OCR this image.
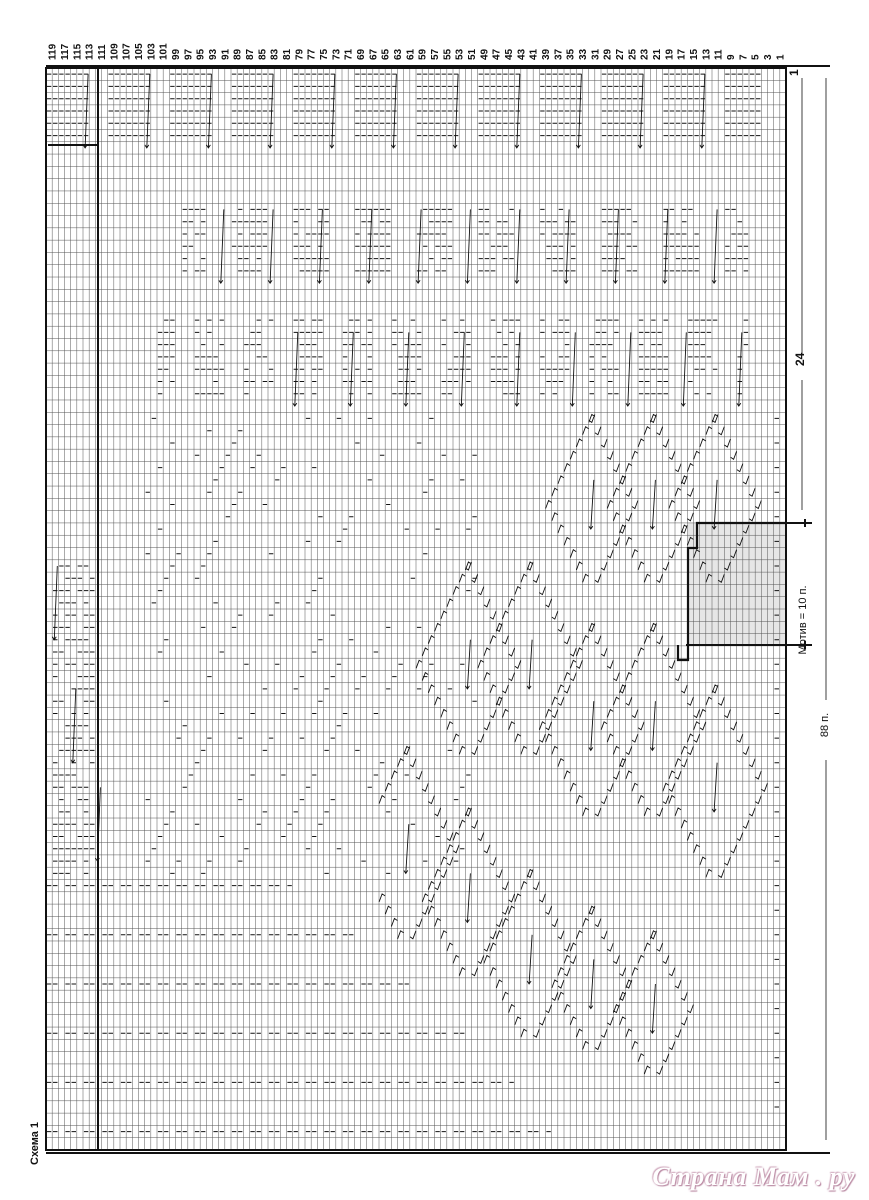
119 117 115 113 111 109 107 105 103 101 99 97 95 93 91 89 87 85 83 81 79 77 75 73 71 69 67 65 63 61 59 57 55 53 51 49 47 45 43 41 39 37 35 33 31 29 27 25 23 21 19 17 15 13 11 9 7 5 3 1
1
24
Мотив = 10 п.
88 п.
Схема 1
Страна Мам . ру
